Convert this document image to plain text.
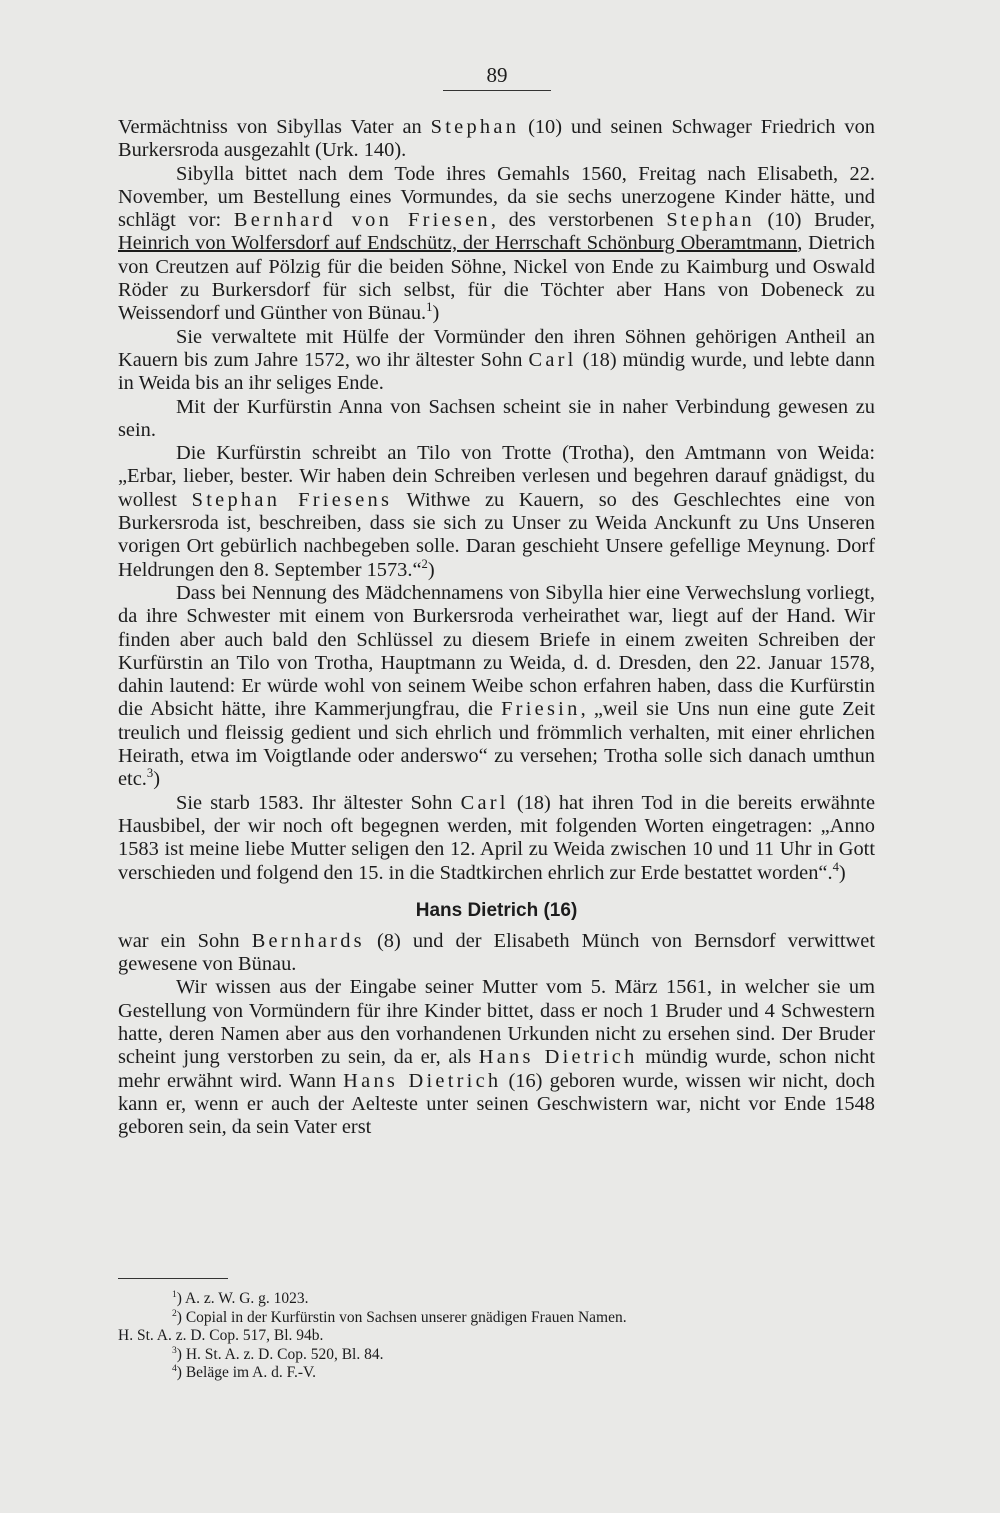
89

Vermächtniss von Sibyllas Vater an Stephan (10) und seinen Schwager Friedrich von Burkersroda ausgezahlt (Urk. 140).

Sibylla bittet nach dem Tode ihres Gemahls 1560, Freitag nach Elisabeth, 22. November, um Bestellung eines Vormundes, da sie sechs unerzogene Kinder hätte, und schlägt vor: Bernhard von Friesen, des verstorbenen Stephan (10) Bruder, Heinrich von Wolfersdorf auf Endschütz, der Herrschaft Schönburg Oberamtmann, Dietrich von Creutzen auf Pölzig für die beiden Söhne, Nickel von Ende zu Kaimburg und Oswald Röder zu Burkersdorf für sich selbst, für die Töchter aber Hans von Dobeneck zu Weissendorf und Günther von Bünau.$^1$)

Sie verwaltete mit Hülfe der Vormünder den ihren Söhnen gehörigen Antheil an Kauern bis zum Jahre 1572, wo ihr ältester Sohn Carl (18) mündig wurde, und lebte dann in Weida bis an ihr seliges Ende.

Mit der Kurfürstin Anna von Sachsen scheint sie in naher Verbindung gewesen zu sein.

Die Kurfürstin schreibt an Tilo von Trotte (Trotha), den Amtmann von Weida: „Erbar, lieber, bester. Wir haben dein Schreiben verlesen und begehren darauf gnädigst, du wollest Stephan Friesens Withwe zu Kauern, so des Geschlechtes eine von Burkersroda ist, beschreiben, dass sie sich zu Unser zu Weida Anckunft zu Uns Unseren vorigen Ort gebürlich nachbegeben solle. Daran geschieht Unsere gefellige Meynung. Dorf Heldrungen den 8. September 1573.“$^2$)

Dass bei Nennung des Mädchennamens von Sibylla hier eine Verwechslung vorliegt, da ihre Schwester mit einem von Burkersroda verheirathet war, liegt auf der Hand. Wir finden aber auch bald den Schlüssel zu diesem Briefe in einem zweiten Schreiben der Kurfürstin an Tilo von Trotha, Hauptmann zu Weida, d. d. Dresden, den 22. Januar 1578, dahin lautend: Er würde wohl von seinem Weibe schon erfahren haben, dass die Kurfürstin die Absicht hätte, ihre Kammerjungfrau, die Friesin, „weil sie Uns nun eine gute Zeit treulich und fleissig gedient und sich ehrlich und frömmlich verhalten, mit einer ehrlichen Heirath, etwa im Voigtlande oder anderswo“ zu versehen; Trotha solle sich danach umthun etc.$^3$)

Sie starb 1583. Ihr ältester Sohn Carl (18) hat ihren Tod in die bereits erwähnte Hausbibel, der wir noch oft begegnen werden, mit folgenden Worten eingetragen: „Anno 1583 ist meine liebe Mutter seligen den 12. April zu Weida zwischen 10 und 11 Uhr in Gott verschieden und folgend den 15. in die Stadtkirchen ehrlich zur Erde bestattet worden“.$^4$)

Hans Dietrich (16)

war ein Sohn Bernhards (8) und der Elisabeth Münch von Bernsdorf verwittwet gewesene von Bünau.

Wir wissen aus der Eingabe seiner Mutter vom 5. März 1561, in welcher sie um Gestellung von Vormündern für ihre Kinder bittet, dass er noch 1 Bruder und 4 Schwestern hatte, deren Namen aber aus den vorhandenen Urkunden nicht zu ersehen sind. Der Bruder scheint jung verstorben zu sein, da er, als Hans Dietrich mündig wurde, schon nicht mehr erwähnt wird. Wann Hans Dietrich (16) geboren wurde, wissen wir nicht, doch kann er, wenn er auch der Aelteste unter seinen Geschwistern war, nicht vor Ende 1548 geboren sein, da sein Vater erst

$^1$) A. z. W. G. g. 1023.

$^2$) Copial in der Kurfürstin von Sachsen unserer gnädigen Frauen Namen.

H. St. A. z. D. Cop. 517, Bl. 94b.

$^3$) H. St. A. z. D. Cop. 520, Bl. 84.

$^4$) Beläge im A. d. F.-V.
